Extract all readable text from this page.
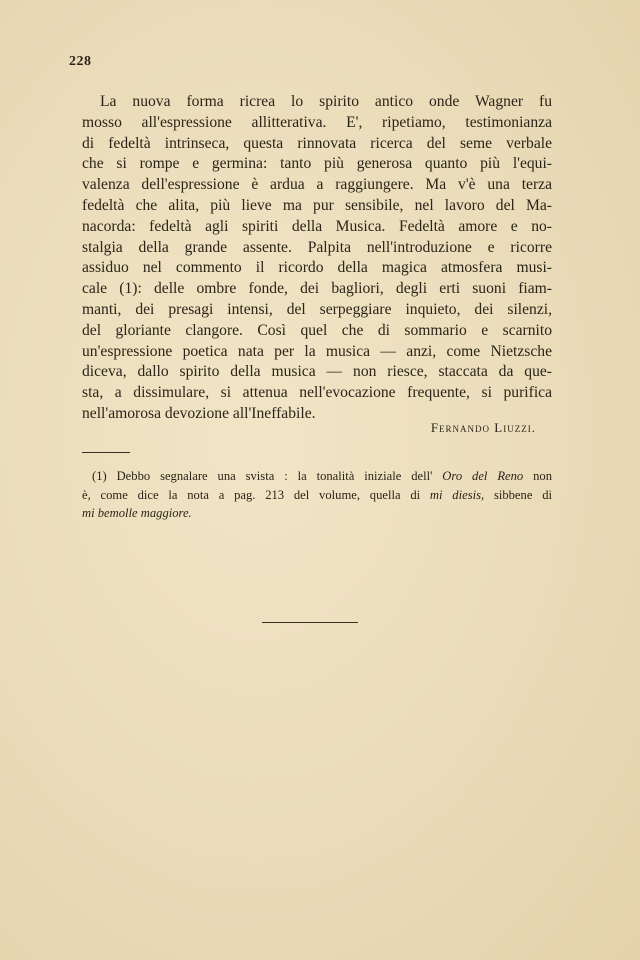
228
La nuova forma ricrea lo spirito antico onde Wagner fu
mosso all'espressione allitterativa. E', ripetiamo, testimonianza
di fedeltà intrinseca, questa rinnovata ricerca del seme verbale
che si rompe e germina: tanto più generosa quanto più l'equi-
valenza dell'espressione è ardua a raggiungere. Ma v'è una terza
fedeltà che alita, più lieve ma pur sensibile, nel lavoro del Ma-
nacorda: fedeltà agli spiriti della Musica. Fedeltà amore e no-
stalgia della grande assente. Palpita nell'introduzione e ricorre
assiduo nel commento il ricordo della magica atmosfera musi-
cale (1): delle ombre fonde, dei bagliori, degli erti suoni fiam-
manti, dei presagi intensi, del serpeggiare inquieto, dei silenzi,
del gloriante clangore. Così quel che di sommario e scarnito
un'espressione poetica nata per la musica — anzi, come Nietzsche
diceva, dallo spirito della musica — non riesce, staccata da que-
sta, a dissimulare, si attenua nell'evocazione frequente, si purifica
nell'amorosa devozione all'Ineffabile.
Fernando Liuzzi.
(1) Debbo segnalare una svista : la tonalità iniziale dell' Oro del Reno non
è, come dice la nota a pag. 213 del volume, quella di mi diesis, sibbene di
mi bemolle maggiore.
